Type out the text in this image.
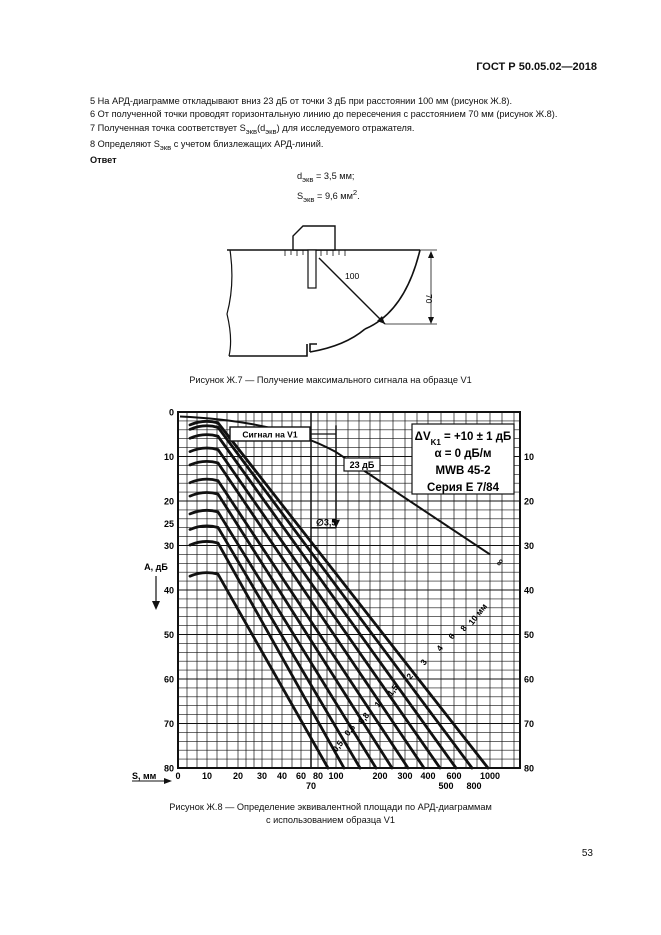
ГОСТ Р 50.05.02—2018
5 На АРД-диаграмме откладывают вниз 23 дБ от точки 3 дБ при расстоянии 100 мм (рисунок Ж.8).
6 От полученной точки проводят горизонтальную линию до пересечения с расстоянием 70 мм (рисунок Ж.8).
7 Полученная точка соответствует $S_{экв}(d_{экв})$ для исследуемого отражателя.
8 Определяют $S_{экв}$ с учетом близлежащих АРД-линий.
Ответ
$d_{экв} = 3,5$ мм;
$S_{экв} = 9,6$ $мм^2$.
100
70
Рисунок Ж.7 — Получение максимального сигнала на образце V1
0
10
20
25
30
40
50
60
70
80
10
20
30
40
50
60
70
80
0 10 20 30 40 60 80 100	200 300 400 600 1000
70	500 800
A, дБ
S, мм
$\Delta V_{K1} = +10 \pm 1$ дБ
α = 0 дБ/м
MWB 45-2
Серия E 7/84
Сигнал на V1
23 дБ
∅3,5
0,5
0,6
0,8
1
1,5
2
3
4
6
8
10 мм
∞
Рисунок Ж.8 — Определение эквивалентной площади по АРД-диаграммам
с использованием образца V1
53
